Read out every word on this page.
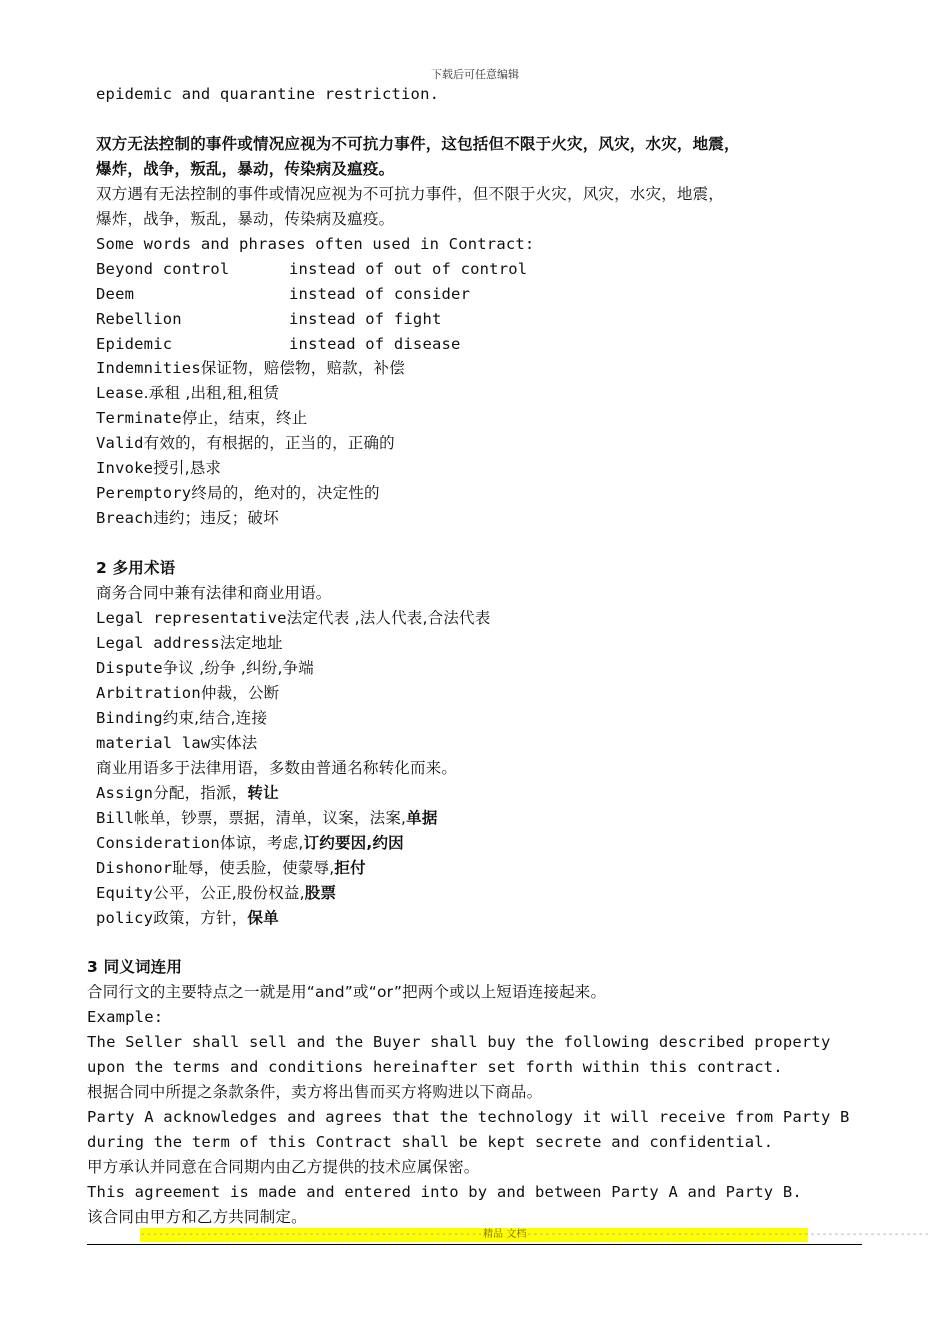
下载后可任意编辑
epidemic and quarantine restriction.
双方无法控制的事件或情况应视为不可抗力事件，这包括但不限于火灾，风灾，水灾，地震，
爆炸，战争，叛乱，暴动，传染病及瘟疫。
双方遇有无法控制的事件或情况应视为不可抗力事件，但不限于火灾，风灾，水灾，地震，
爆炸，战争，叛乱，暴动，传染病及瘟疫。
Some words and phrases often used in Contract:
Beyond control	instead of out of control
Deem	instead of consider
Rebellion	instead of fight
Epidemic	instead of disease
Indemnities保证物，赔偿物，赔款，补偿
Lease.承租 ,出租,租,租赁
Terminate停止，结束，终止
Valid有效的，有根据的，正当的，正确的
Invoke授引,恳求
Peremptory终局的，绝对的，决定性的
Breach违约；违反；破坏
2 多用术语
商务合同中兼有法律和商业用语。
Legal representative法定代表 ,法人代表,合法代表
Legal address法定地址
Dispute争议 ,纷争 ,纠纷,争端
Arbitration仲裁，公断
Binding约束,结合,连接
material law实体法
商业用语多于法律用语，多数由普通名称转化而来。
Assign分配，指派，转让
Bill帐单，钞票，票据，清单，议案，法案,单据
Consideration体谅，考虑,订约要因,约因
Dishonor耻辱，使丢脸，使蒙辱,拒付
Equity公平，公正,股份权益,股票
policy政策，方针，保单
3 同义词连用
合同行文的主要特点之一就是用“and”或“or”把两个或以上短语连接起来。
Example:
The Seller shall sell and the Buyer shall buy the following described property
upon the terms and conditions hereinafter set forth within this contract.
根据合同中所提之条款条件，卖方将出售而买方将购进以下商品。
Party A acknowledges and agrees that the technology it will receive from Party B
during the term of this Contract shall be kept secrete and confidential.
甲方承认并同意在合同期内由乙方提供的技术应属保密。
This agreement is made and entered into by and between Party A and Party B.
该合同由甲方和乙方共同制定。
---------------------------------------------------------精品 文档-------------------------------------------------------------------
